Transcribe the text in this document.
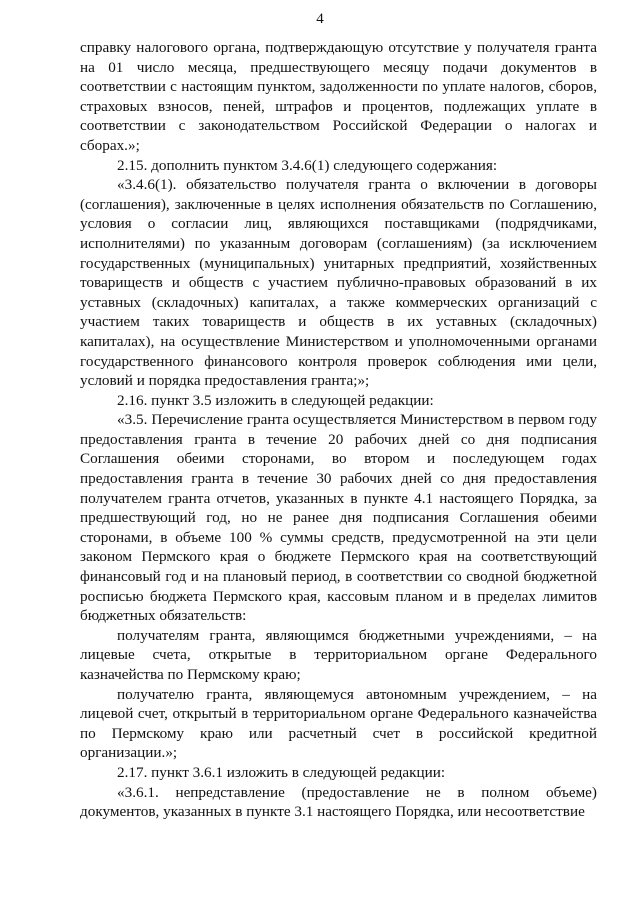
4

справку налогового органа, подтверждающую отсутствие у получателя гранта на 01 число месяца, предшествующего месяцу подачи документов в соответствии с настоящим пунктом, задолженности по уплате налогов, сборов, страховых взносов, пеней, штрафов и процентов, подлежащих уплате в соответствии с законодательством Российской Федерации о налогах и сборах.»;

2.15. дополнить пунктом 3.4.6(1) следующего содержания:

«3.4.6(1). обязательство получателя гранта о включении в договоры (соглашения), заключенные в целях исполнения обязательств по Соглашению, условия о согласии лиц, являющихся поставщиками (подрядчиками, исполнителями) по указанным договорам (соглашениям) (за исключением государственных (муниципальных) унитарных предприятий, хозяйственных товариществ и обществ с участием публично-правовых образований в их уставных (складочных) капиталах, а также коммерческих организаций с участием таких товариществ и обществ в их уставных (складочных) капиталах), на осуществление Министерством и уполномоченными органами государственного финансового контроля проверок соблюдения ими цели, условий и порядка предоставления гранта;»;

2.16. пункт 3.5 изложить в следующей редакции:

«3.5. Перечисление гранта осуществляется Министерством в первом году предоставления гранта в течение 20 рабочих дней со дня подписания Соглашения обеими сторонами, во втором и последующем годах предоставления гранта в течение 30 рабочих дней со дня предоставления получателем гранта отчетов, указанных в пункте 4.1 настоящего Порядка, за предшествующий год, но не ранее дня подписания Соглашения обеими сторонами, в объеме 100 % суммы средств, предусмотренной на эти цели законом Пермского края о бюджете Пермского края на соответствующий финансовый год и на плановый период, в соответствии со сводной бюджетной росписью бюджета Пермского края, кассовым планом и в пределах лимитов бюджетных обязательств:

получателям гранта, являющимся бюджетными учреждениями, – на лицевые счета, открытые в территориальном органе Федерального казначейства по Пермскому краю;

получателю гранта, являющемуся автономным учреждением, – на лицевой счет, открытый в территориальном органе Федерального казначейства по Пермскому краю или расчетный счет в российской кредитной организации.»;

2.17. пункт 3.6.1 изложить в следующей редакции:

«3.6.1. непредставление (предоставление не в полном объеме) документов, указанных в пункте 3.1 настоящего Порядка, или несоответствие
